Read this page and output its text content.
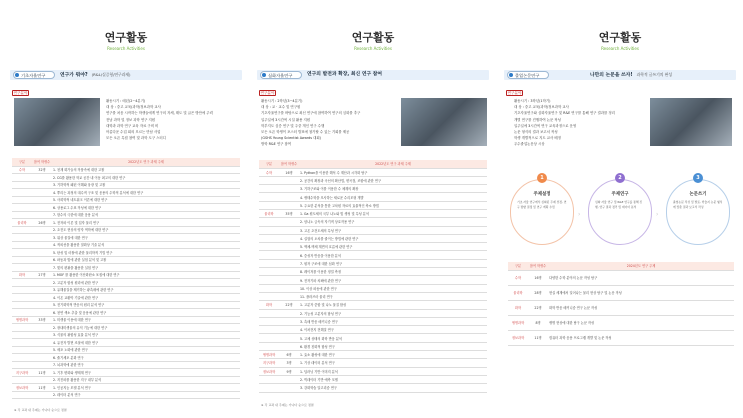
연구활동
Research Activities
기초자율연구	연구가 뭐야? (R&L/실증형/연구과제)
연구분야
활동시기 : 매년(2~4분기)
대 상 : 중고 교육(과학/정보과학 교사
연구를 처음 시작하는 학생들에게 연구의 자세, 태도 및 글은 방안에 주력
전남 과학 및 정보 과학 연구 지원
대학과 과학 연구 교육 자료 구비 비
아름다운 수업 회의 모르는 만남 사업
모든 오픈 특집 참여 및 과학 도구 스터디
구분	참여 학생수	2022년도 연구 과제 주제
수학	32명	1. 천재 화가들의 작품속에 대한 고찰
		2. CG를 활용한 학교 공간 내 이동 최고의 대한 연구
		3. 기하학적 패턴 이해와 웅장 및 고찰
		4. 뿌리는 과정의 대수적 구조 및 응용의 수학적 분석에 대한 연구
		5. 사회학적 네트워크 이론에 대한 연구
		6. 상용로그 수표 작성에 대한 연구
		7. 함수의 극한에 대한 응용 분석
물리학	26명	1. 전자파 이론 및 입자 물리 연구
		2. 초전도 현상의 양자 역학에 대한 연구
		3. 위상 물질에 대한 연구
		4. 적외선을 활용한 열화상 기술 분석
		5. 탄성 및 마찰에 관한 물리학적 기법 연구
		6. 파동과 빛에 관한 실험 분석 및 고찰
		7. 빛의 편광을 활용한 실험 연구
화학	27명	1. MOF 를 활용한 이산화탄소 포집에 대한 연구
		2. 고분자 합성 원리에 관한 연구
		3. 유해물질을 제거하는 광촉매에 관한 연구
		4. 이온 교환막 기술에 관한 연구
		5. 전기화학적 반응의 원리 분석 연구
		6. 천연 색소 추출 및 응용에 관한 연구
생명과학	33명	1. 미생물 이용에 대한 연구
		2. 장내미생물의 유익 기능에 대한 연구
		3. 식물의 광합성 효율 분석 연구
		4. 유전자 발현 조절에 대한 연구
		5. 세포 노화에 관한 연구
		6. 줄기세포 분화 연구
		7. 뇌과학에 관한 연구
지구과학	11명	1. 기후 변화와 생태계 연구
		2. 지진파를 활용한 지구 내부 분석
정보과학	11명	1. 인공지능 모델 분석 연구
		2. 데이터 분석 연구
※ 각 교과 내 주제는 가나다 순으로 정렬
연구활동
Research Activities
심화자율연구	연구의 발전과 확장, 최신 연구 참여
연구분야
활동시기 : 2학년(3~4분기)
대 상 : 교 · 교수 및 연구원
기초자율연구를 바탕으로 최신 연구에 참여하여 연구의 심화를 추구
일주일에 3시간씩 시설 활용 지원
학부지도 심층 연구 및 주중 개인 연구 수행
모든 오픈 학생이 포스터 발표에 참가할 수 있는 기회를 제공
(GSHS Young Scientist Awards 대회)
방학 R&E 연구 참여
구분	참여 학생수	2022년도 연구 과제 주제
수학	16명	1. Python을 이용한 해석 수 계산과 시각화 탐구
		2. 공간의 확장과 곡선의 확산법, 변곡점, 조합에 관한 연구
		3. 기하구조와 이를 이용한 수 체계의 확장
		4. 생태수학을 모사하는 새로운 수리모형 개발
		5. 주요한 분석을 통한 고차원 자료의 효율적인 축소 방법
물리학	35명	1. Ga 원도체의 국부 나노와 빛 생성 및 특성 분석
		2. 삼나노 금속의 자기적 상호작용 연구
		3. 고온 초전도체의 특성 연구
		4. 실험의 오차를 줄이는 방법에 관한 연구
		5. 액체-액체 계면의 흐름에 관한 연구
		6. 중성자 반응을 이용한 분석
		7. 원자 구조에 대한 심화 연구
		8. 레이저를 이용한 정밀 측정
		9. 전자기파 차폐에 관한 연구
		10. 이상 파동에 관한 연구
		11. 플라즈마 물리 연구
화학	22명	1. 고분자 중합 및 나노 물질 합성
		2. 기능성 고분자의 합성 연구
		3. 촉매 반응 메커니즘 연구
		4. 이차전지 전해질 연구
		5. 고체 상태의 화학 반응 분석
		6. 환경 친화적 합성 연구
생명과학	6명	1. 효소 활성에 대한 연구
지구과학	3명	1. 기상 데이터 분석 연구
정보과학	9명	1. 딥러닝 기반 이미지 분석
		2. 빅데이터 기반 예측 모델
		3. 강화학습 알고리즘 연구
※ 각 교과 내 주제는 가나다 순으로 정렬
연구활동
Research Activities
졸업논문연구	나만의 논문을 쓰자! 과학적 글쓰기의 완성
연구분야
활동시기 : 3학년(1학기)
대 상 : 중고 교육(과학/정보과학 교사
기초자율연구와 심화자율연구 및 R&E 연구를 통해 연구 결과를 정리
개별 연구를 진행하여 논문 작성
일주일에 3시간씩 연구 교육과정으로 운영
논문 형식의 결과 보고서 작성
학생 개별적으로 지도 교사 배정
우수졸업논문상 시상
주제설정
기초 자율 연구에서 심화된 주제 선정, 연구 방향 결정 및 연구 계획 수립
1
›
주제연구
심화 자율 연구 및 R&E 연구를 통해 진행, 연구 결과 정리 및 데이터 분석
2
›
논문쓰기
졸업논문 작성 및 발표, 학술지 논문 형식에 맞춘 결과 보고서 작성
3
구분	참여 학생수	2024년도 연구 주제
수학	16명	다양한 수학 분야의 논문 작성 탐구
물리학	28명	현실 세계에서 일어나는 물리 현상 탐구 및 논문 작성
화학	22명	화학 반응 메커니즘 연구 논문 작성
생명과학	8명	생명 현상에 대한 탐구 논문 작성
정보과학	11명	컴퓨터 과학 응용 프로그램 개발 및 논문 작성
